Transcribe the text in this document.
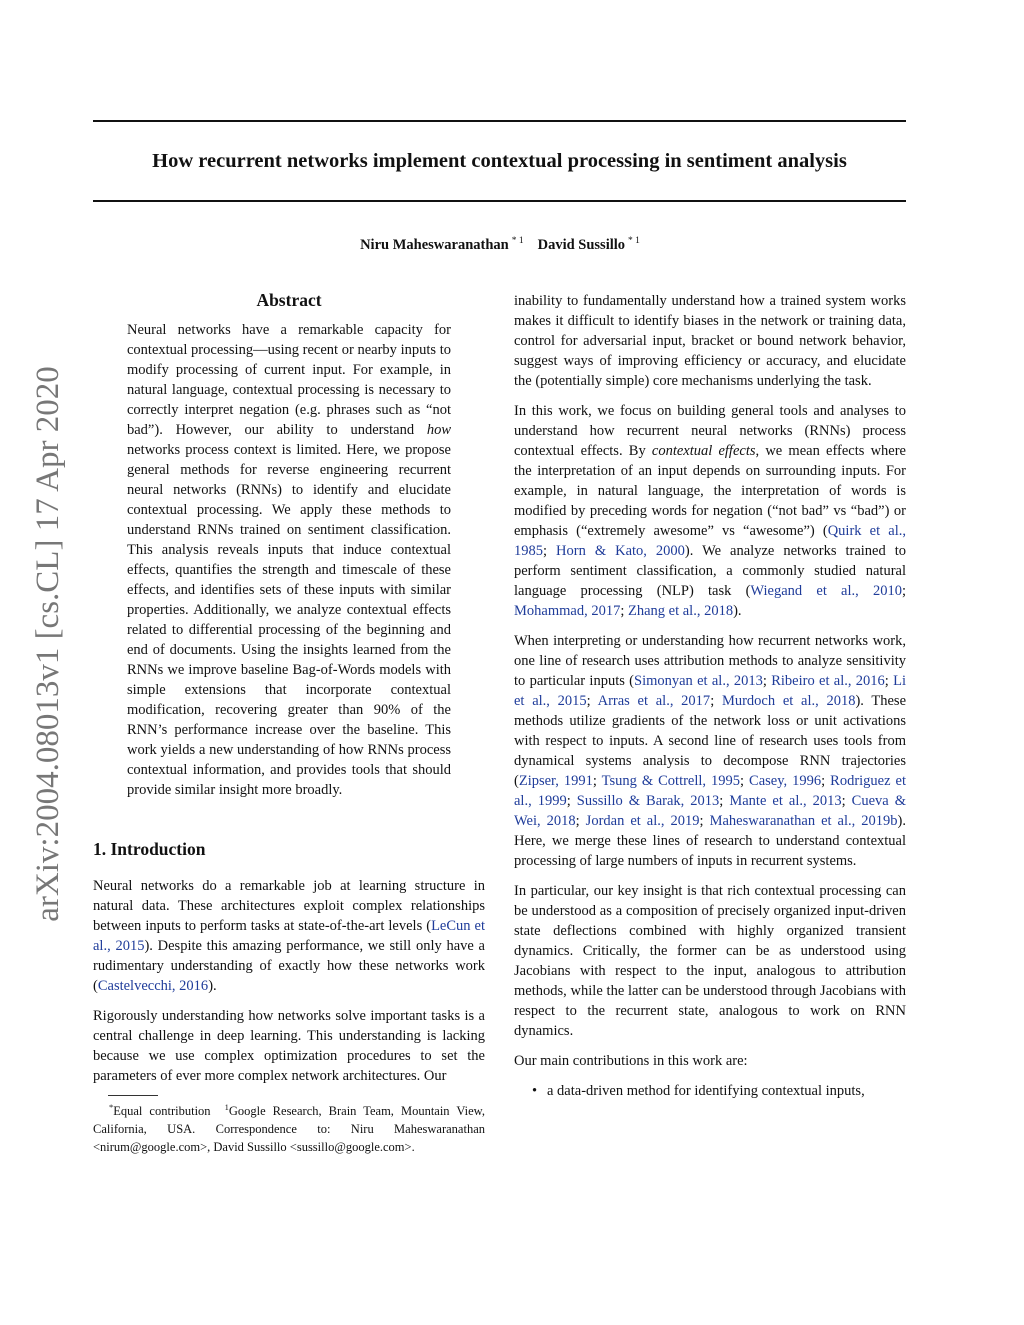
How recurrent networks implement contextual processing in sentiment analysis
Niru Maheswaranathan $^{* 1}$ David Sussillo $^{* 1}$
arXiv:2004.08013v1 [cs.CL] 17 Apr 2020
Abstract

Neural networks have a remarkable capacity for contextual processing—using recent or nearby inputs to modify processing of current input. For example, in natural language, contextual processing is necessary to correctly interpret negation (e.g. phrases such as “not bad”). However, our ability to understand how networks process context is limited. Here, we propose general methods for reverse engineering recurrent neural networks (RNNs) to identify and elucidate contextual processing. We apply these methods to understand RNNs trained on sentiment classification. This analysis reveals inputs that induce contextual effects, quantifies the strength and timescale of these effects, and identifies sets of these inputs with similar properties. Additionally, we analyze contextual effects related to differential processing of the beginning and end of documents. Using the insights learned from the RNNs we improve baseline Bag-of-Words models with simple extensions that incorporate contextual modification, recovering greater than 90% of the RNN’s performance increase over the baseline. This work yields a new understanding of how RNNs process contextual information, and provides tools that should provide similar insight more broadly.

1. Introduction

Neural networks do a remarkable job at learning structure in natural data. These architectures exploit complex relationships between inputs to perform tasks at state-of-the-art levels (LeCun et al., 2015). Despite this amazing performance, we still only have a rudimentary understanding of exactly how these networks work (Castelvecchi, 2016).

Rigorously understanding how networks solve important tasks is a central challenge in deep learning. This understanding is lacking because we use complex optimization procedures to set the parameters of ever more complex network architectures. Our

*Equal contribution $^1$Google Research, Brain Team, Mountain View, California, USA. Correspondence to: Niru Maheswaranathan <nirum@google.com>, David Sussillo <sussillo@google.com>.

inability to fundamentally understand how a trained system works makes it difficult to identify biases in the network or training data, control for adversarial input, bracket or bound network behavior, suggest ways of improving efficiency or accuracy, and elucidate the (potentially simple) core mechanisms underlying the task.

In this work, we focus on building general tools and analyses to understand how recurrent neural networks (RNNs) process contextual effects. By contextual effects, we mean effects where the interpretation of an input depends on surrounding inputs. For example, in natural language, the interpretation of words is modified by preceding words for negation (“not bad” vs “bad”) or emphasis (“extremely awesome” vs “awesome”) (Quirk et al., 1985; Horn & Kato, 2000). We analyze networks trained to perform sentiment classification, a commonly studied natural language processing (NLP) task (Wiegand et al., 2010; Mohammad, 2017; Zhang et al., 2018).

When interpreting or understanding how recurrent networks work, one line of research uses attribution methods to analyze sensitivity to particular inputs (Simonyan et al., 2013; Ribeiro et al., 2016; Li et al., 2015; Arras et al., 2017; Murdoch et al., 2018). These methods utilize gradients of the network loss or unit activations with respect to inputs. A second line of research uses tools from dynamical systems analysis to decompose RNN trajectories (Zipser, 1991; Tsung & Cottrell, 1995; Casey, 1996; Rodriguez et al., 1999; Sussillo & Barak, 2013; Mante et al., 2013; Cueva & Wei, 2018; Jordan et al., 2019; Maheswaranathan et al., 2019b). Here, we merge these lines of research to understand contextual processing of large numbers of inputs in recurrent systems.

In particular, our key insight is that rich contextual processing can be understood as a composition of precisely organized input-driven state deflections combined with highly organized transient dynamics. Critically, the former can be as understood using Jacobians with respect to the input, analogous to attribution methods, while the latter can be understood through Jacobians with respect to the recurrent state, analogous to work on RNN dynamics.

Our main contributions in this work are:

• a data-driven method for identifying contextual inputs,
